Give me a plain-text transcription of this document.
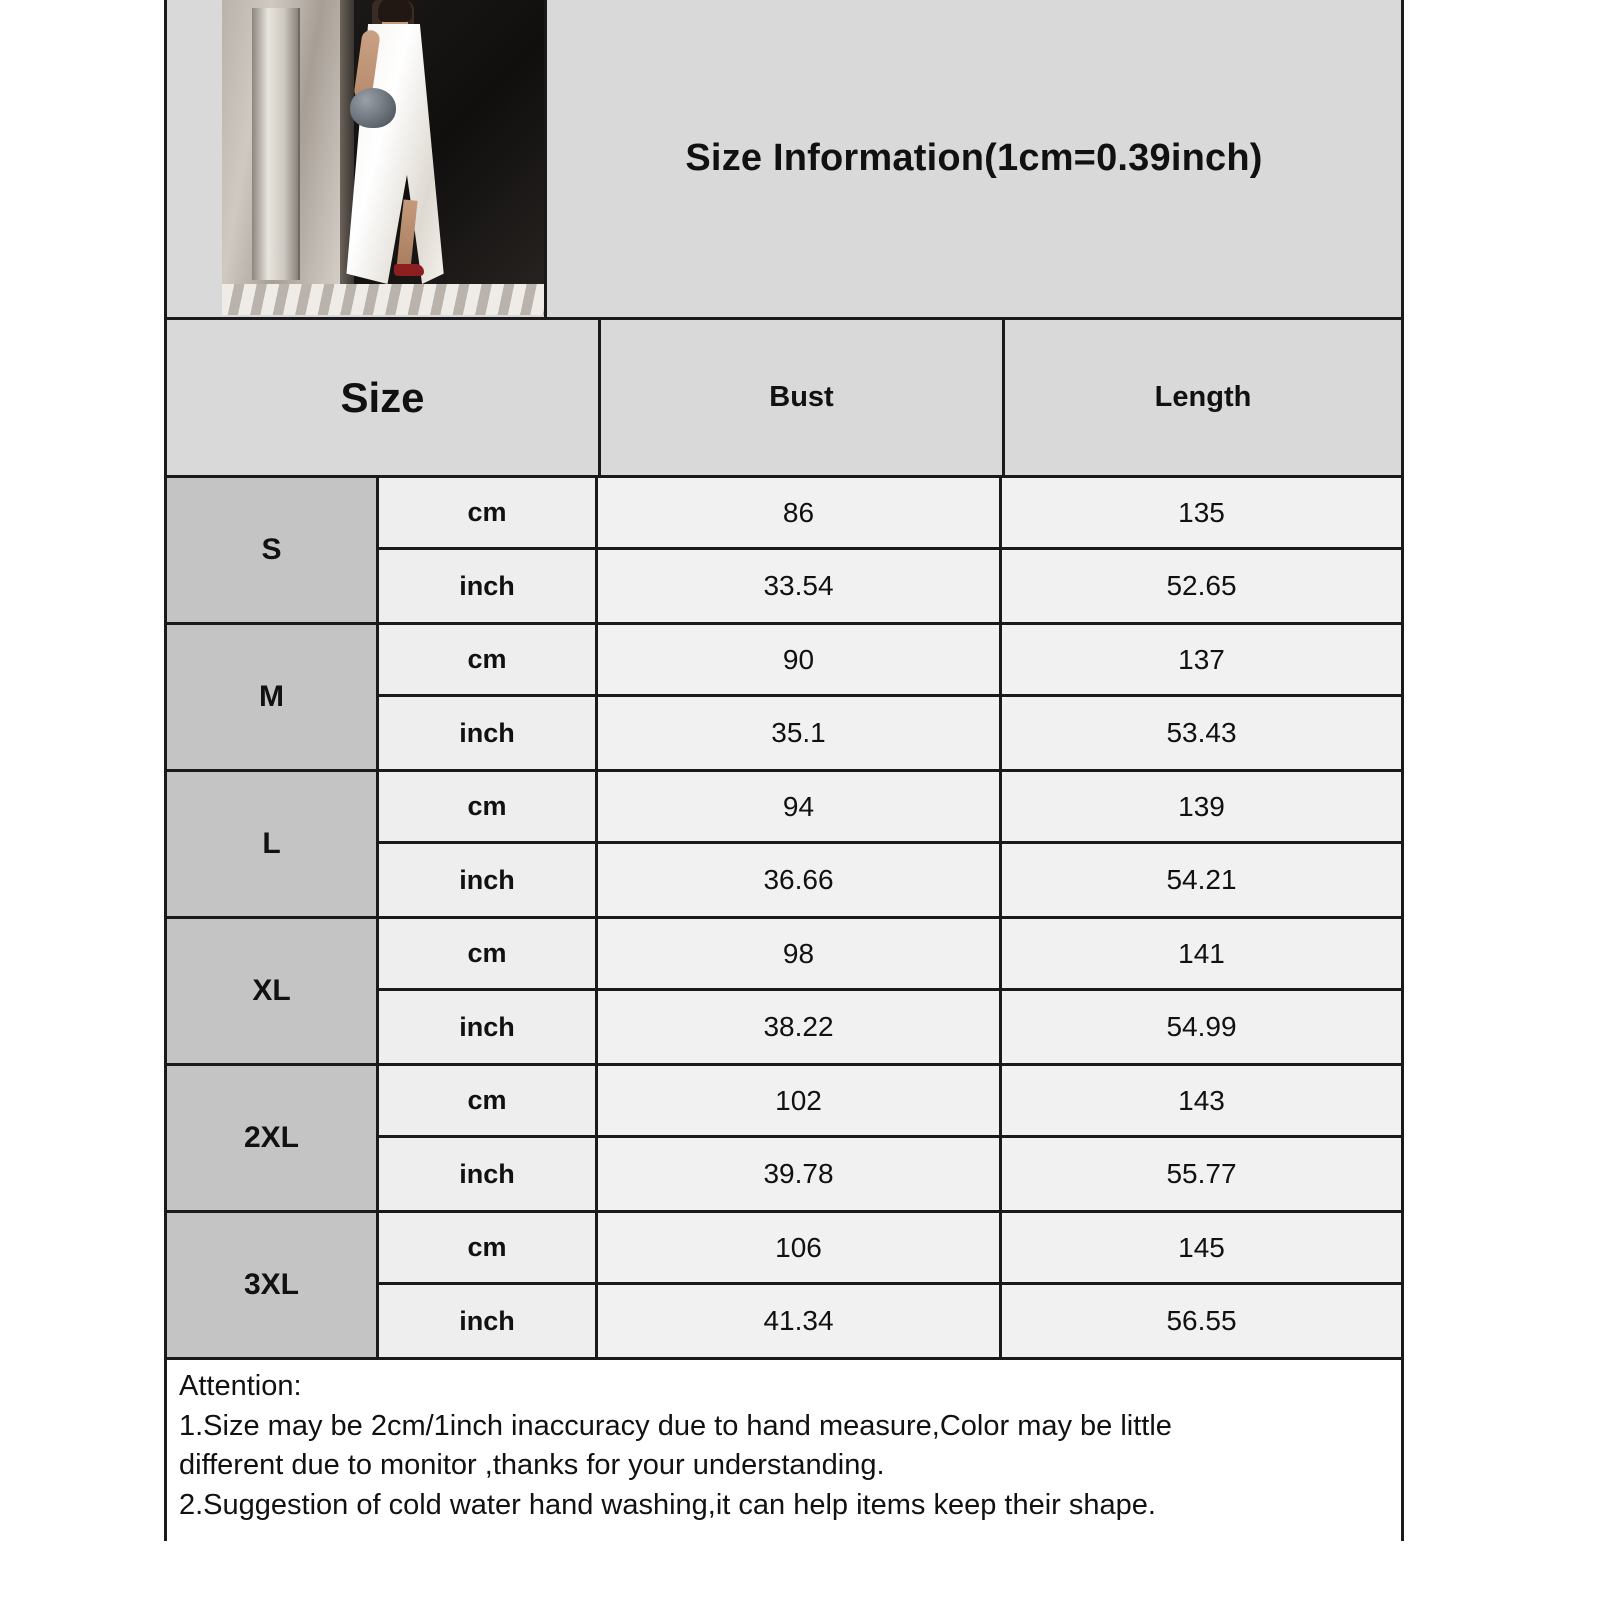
Size Information(1cm=0.39inch)
Size	Bust	Length
S
cm	86	135
inch	33.54	52.65
M
cm	90	137
inch	35.1	53.43
L
cm	94	139
inch	36.66	54.21
XL
cm	98	141
inch	38.22	54.99
2XL
cm	102	143
inch	39.78	55.77
3XL
cm	106	145
inch	41.34	56.55

Attention:

1.Size may be 2cm/1inch inaccuracy due to hand measure,Color may be little

different due to monitor ,thanks for your understanding.

2.Suggestion of cold water hand washing,it can help items keep their shape.
